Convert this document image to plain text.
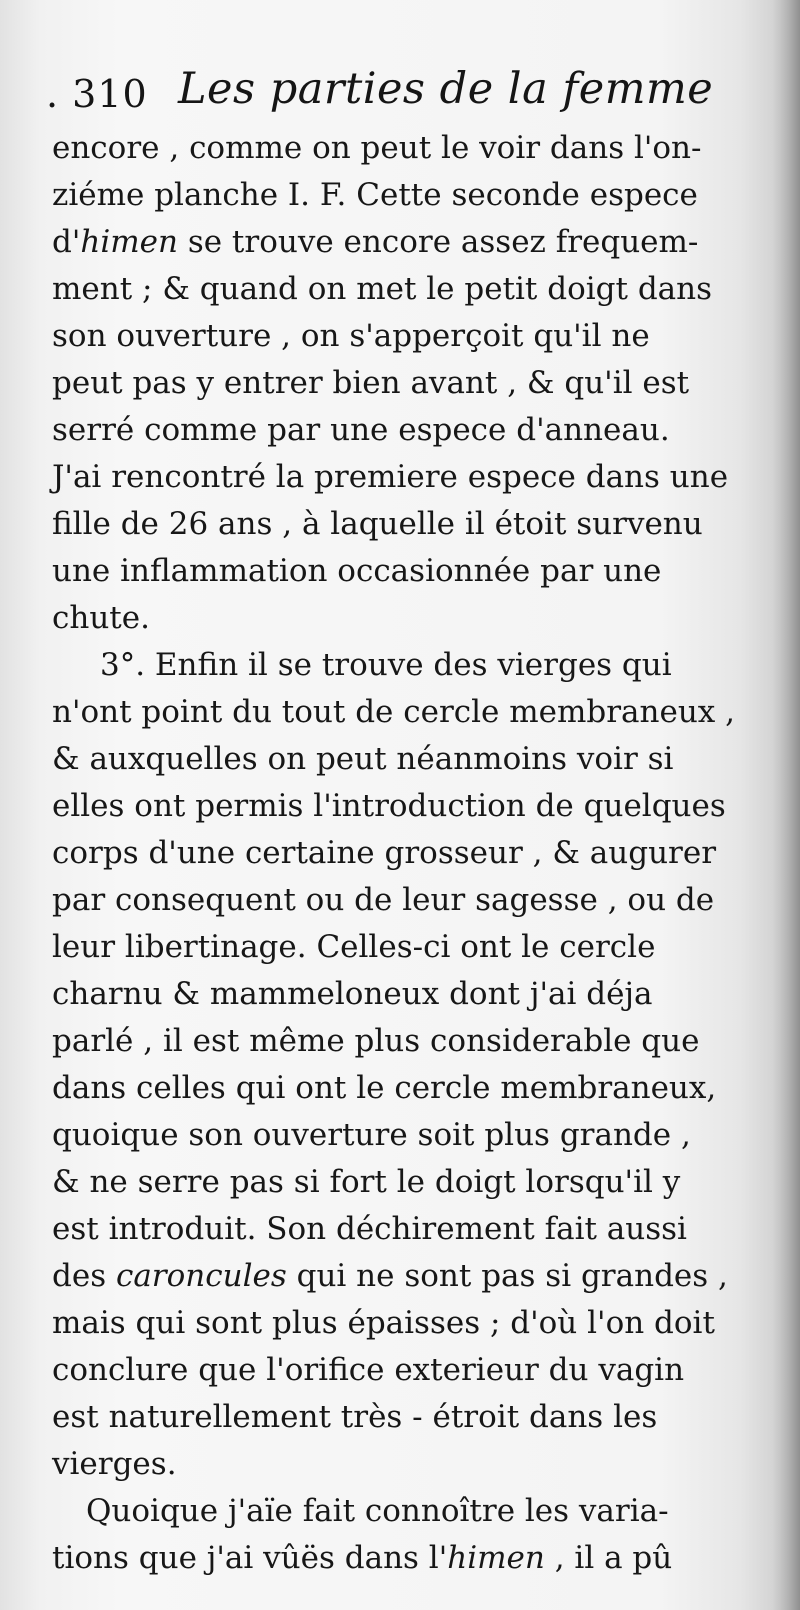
. 310 Les parties de la femme
encore , comme on peut le voir dans l'on-
ziéme planche I. F. Cette seconde espece
d'himen se trouve encore assez frequem-
ment ; & quand on met le petit doigt dans
son ouverture , on s'apperçoit qu'il ne
peut pas y entrer bien avant , & qu'il est
serré comme par une espece d'anneau.
J'ai rencontré la premiere espece dans une
fille de 26 ans , à laquelle il étoit survenu
une inflammation occasionnée par une
chute.
3°. Enfin il se trouve des vierges qui
n'ont point du tout de cercle membraneux ,
& auxquelles on peut néanmoins voir si
elles ont permis l'introduction de quelques
corps d'une certaine grosseur , & augurer
par consequent ou de leur sagesse , ou de
leur libertinage. Celles-ci ont le cercle
charnu & mammeloneux dont j'ai déja
parlé , il est même plus considerable que
dans celles qui ont le cercle membraneux,
quoique son ouverture soit plus grande ,
& ne serre pas si fort le doigt lorsqu'il y
est introduit. Son déchirement fait aussi
des caroncules qui ne sont pas si grandes ,
mais qui sont plus épaisses ; d'où l'on doit
conclure que l'orifice exterieur du vagin
est naturellement très - étroit dans les
vierges.
Quoique j'aïe fait connoître les varia-
tions que j'ai vûës dans l'himen , il a pû
